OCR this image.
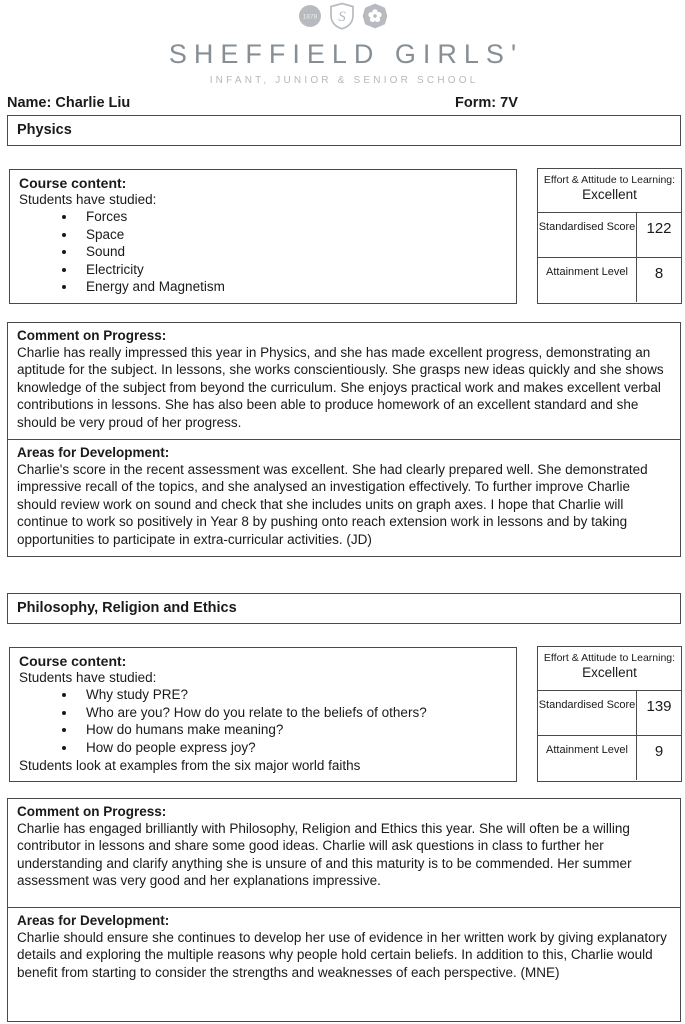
1878 S
SHEFFIELD GIRLS'
INFANT, JUNIOR & SENIOR SCHOOL
Name: Charlie Liu	Form: 7V
Physics
Course content:
Students have studied:
• Forces
• Space
• Sound
• Electricity
• Energy and Magnetism
Effort & Attitude to Learning:
Excellent
Standardised Score 122
Attainment Level	8
Comment on Progress:
Charlie has really impressed this year in Physics, and she has made excellent progress, demonstrating an aptitude for the subject. In lessons, she works conscientiously. She grasps new ideas quickly and she shows knowledge of the subject from beyond the curriculum. She enjoys practical work and makes excellent verbal contributions in lessons. She has also been able to produce homework of an excellent standard and she should be very proud of her progress.
Areas for Development:
Charlie's score in the recent assessment was excellent. She had clearly prepared well. She demonstrated impressive recall of the topics, and she analysed an investigation effectively. To further improve Charlie should review work on sound and check that she includes units on graph axes. I hope that Charlie will continue to work so positively in Year 8 by pushing onto reach extension work in lessons and by taking opportunities to participate in extra-curricular activities. (JD)
Philosophy, Religion and Ethics
Course content:
Students have studied:
• Why study PRE?
• Who are you? How do you relate to the beliefs of others?
• How do humans make meaning?
• How do people express joy?
Students look at examples from the six major world faiths
Effort & Attitude to Learning:
Excellent
Standardised Score 139
Attainment Level	9
Comment on Progress:
Charlie has engaged brilliantly with Philosophy, Religion and Ethics this year. She will often be a willing contributor in lessons and share some good ideas. Charlie will ask questions in class to further her understanding and clarify anything she is unsure of and this maturity is to be commended. Her summer assessment was very good and her explanations impressive.
Areas for Development:
Charlie should ensure she continues to develop her use of evidence in her written work by giving explanatory details and exploring the multiple reasons why people hold certain beliefs. In addition to this, Charlie would benefit from starting to consider the strengths and weaknesses of each perspective. (MNE)
